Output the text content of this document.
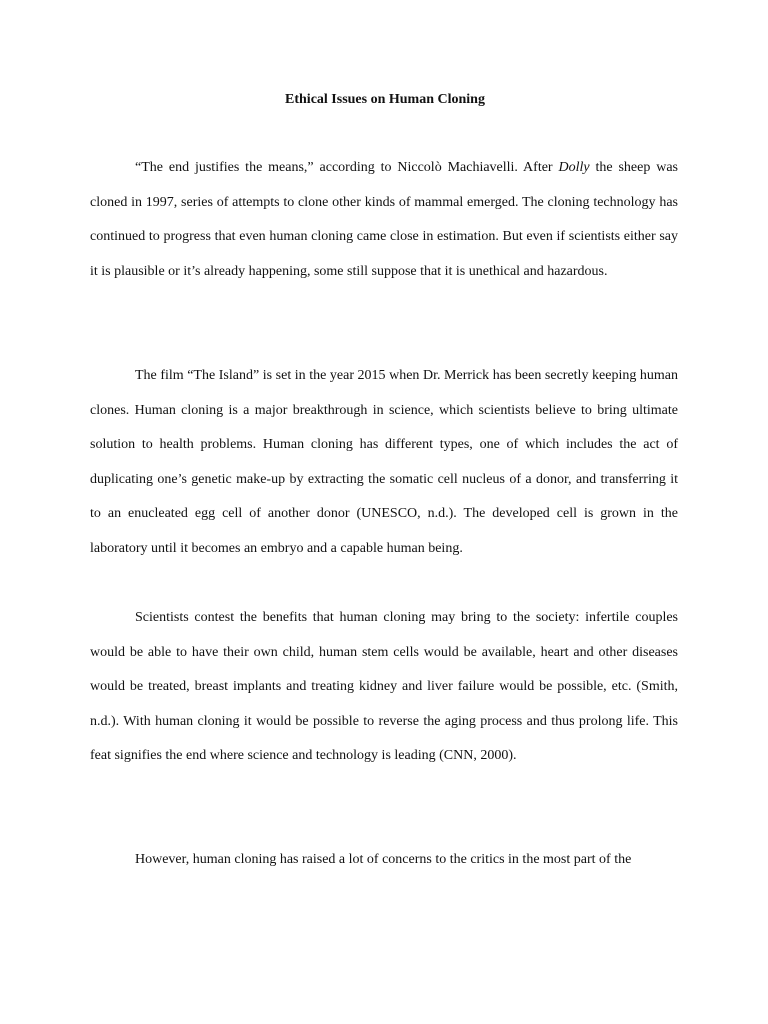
Ethical Issues on Human Cloning

“The end justifies the means,” according to Niccolò Machiavelli. After Dolly the sheep was cloned in 1997, series of attempts to clone other kinds of mammal emerged. The cloning technology has continued to progress that even human cloning came close in estimation. But even if scientists either say it is plausible or it’s already happening, some still suppose that it is unethical and hazardous.

The film “The Island” is set in the year 2015 when Dr. Merrick has been secretly keeping human clones. Human cloning is a major breakthrough in science, which scientists believe to bring ultimate solution to health problems. Human cloning has different types, one of which includes the act of duplicating one’s genetic make-up by extracting the somatic cell nucleus of a donor, and transferring it to an enucleated egg cell of another donor (UNESCO, n.d.). The developed cell is grown in the laboratory until it becomes an embryo and a capable human being.

Scientists contest the benefits that human cloning may bring to the society: infertile couples would be able to have their own child, human stem cells would be available, heart and other diseases would be treated, breast implants and treating kidney and liver failure would be possible, etc. (Smith, n.d.). With human cloning it would be possible to reverse the aging process and thus prolong life. This feat signifies the end where science and technology is leading (CNN, 2000).

However, human cloning has raised a lot of concerns to the critics in the most part of the
